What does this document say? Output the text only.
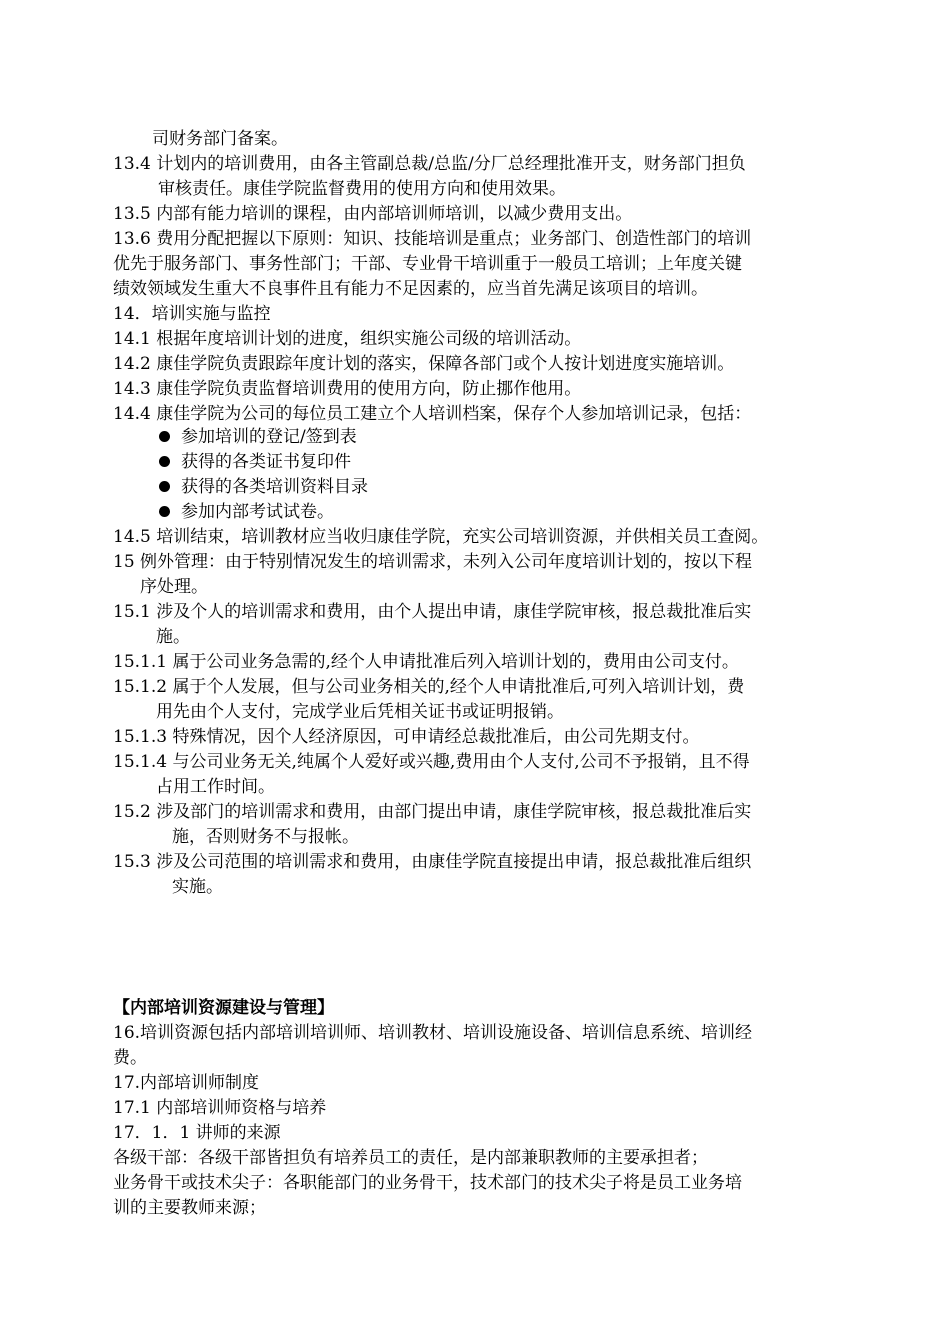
司财务部门备案。
13.4 计划内的培训费用，由各主管副总裁/总监/分厂总经理批准开支，财务部门担负
审核责任。康佳学院监督费用的使用方向和使用效果。
13.5 内部有能力培训的课程，由内部培训师培训，以减少费用支出。
13.6 费用分配把握以下原则：知识、技能培训是重点；业务部门、创造性部门的培训
优先于服务部门、事务性部门；干部、专业骨干培训重于一般员工培训；上年度关键
绩效领域发生重大不良事件且有能力不足因素的，应当首先满足该项目的培训。
14．培训实施与监控
14.1 根据年度培训计划的进度，组织实施公司级的培训活动。
14.2 康佳学院负责跟踪年度计划的落实，保障各部门或个人按计划进度实施培训。
14.3 康佳学院负责监督培训费用的使用方向，防止挪作他用。
14.4 康佳学院为公司的每位员工建立个人培训档案，保存个人参加培训记录，包括：
参加培训的登记/签到表
获得的各类证书复印件
获得的各类培训资料目录
参加内部考试试卷。
14.5 培训结束，培训教材应当收归康佳学院，充实公司培训资源，并供相关员工查阅。
15 例外管理：由于特别情况发生的培训需求，未列入公司年度培训计划的，按以下程
序处理。
15.1 涉及个人的培训需求和费用，由个人提出申请，康佳学院审核，报总裁批准后实
施。
15.1.1 属于公司业务急需的,经个人申请批准后列入培训计划的，费用由公司支付。
15.1.2 属于个人发展，但与公司业务相关的,经个人申请批准后,可列入培训计划，费
用先由个人支付，完成学业后凭相关证书或证明报销。
15.1.3 特殊情况，因个人经济原因，可申请经总裁批准后，由公司先期支付。
15.1.4 与公司业务无关,纯属个人爱好或兴趣,费用由个人支付,公司不予报销，且不得
占用工作时间。
15.2 涉及部门的培训需求和费用，由部门提出申请，康佳学院审核，报总裁批准后实
施，否则财务不与报帐。
15.3 涉及公司范围的培训需求和费用，由康佳学院直接提出申请，报总裁批准后组织
实施。
【内部培训资源建设与管理】
16.培训资源包括内部培训培训师、培训教材、培训设施设备、培训信息系统、培训经
费。
17.内部培训师制度
17.1 内部培训师资格与培养
17．1．1 讲师的来源
各级干部：各级干部皆担负有培养员工的责任，是内部兼职教师的主要承担者；
业务骨干或技术尖子：各职能部门的业务骨干，技术部门的技术尖子将是员工业务培
训的主要教师来源；
